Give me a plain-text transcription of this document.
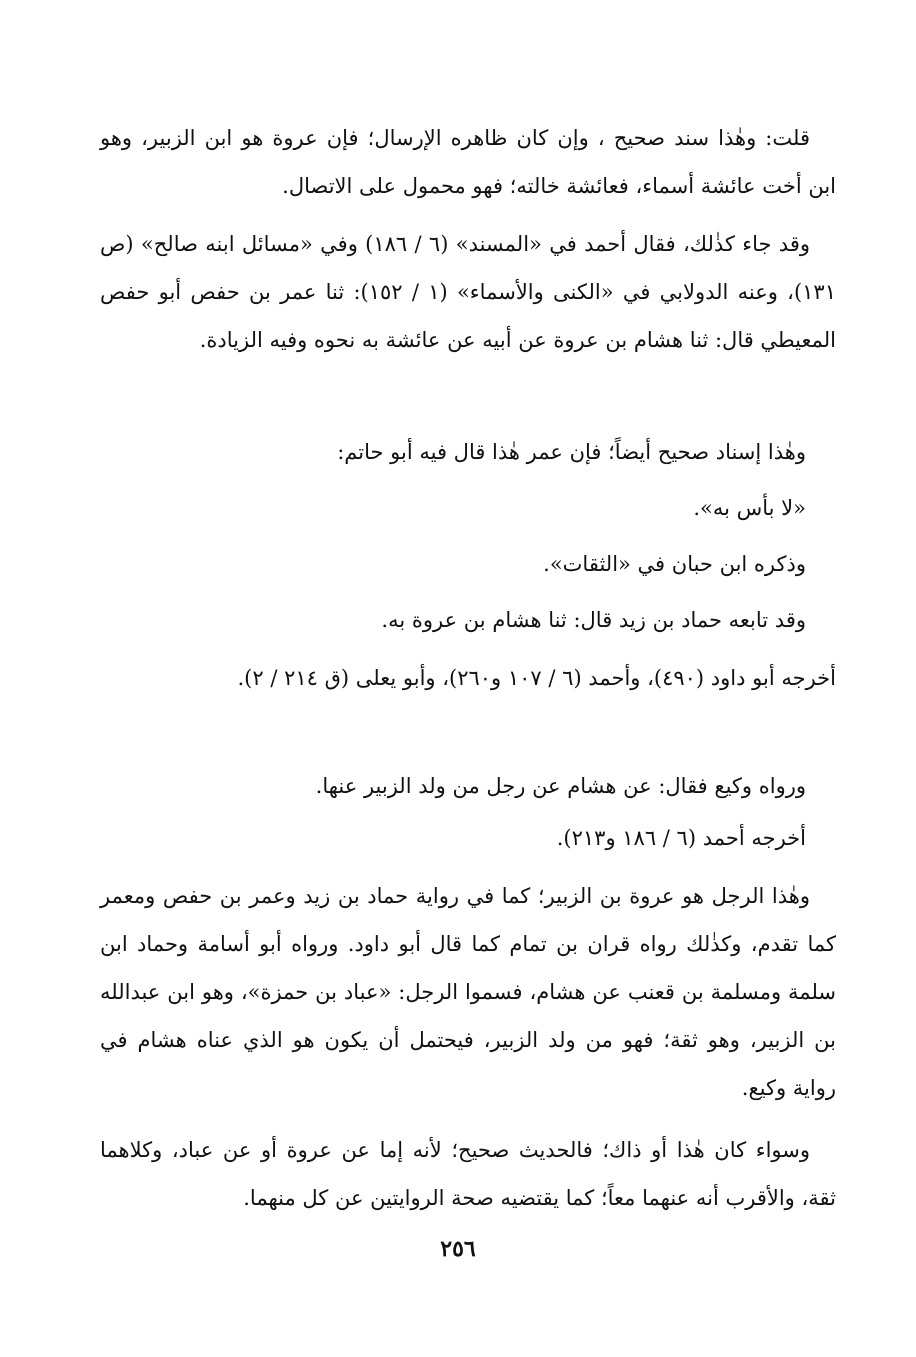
قلت: وهٰذا سند صحيح ، وإن كان ظاهره الإرسال؛ فإن عروة هو ابن الزبير، وهو ابن أخت عائشة أسماء، فعائشة خالته؛ فهو محمول على الاتصال.

وقد جاء كذٰلك، فقال أحمد في «المسند» (٦ / ١٨٦) وفي «مسائل ابنه صالح» (ص ١٣١)، وعنه الدولابي في «الكنى والأسماء» (١ / ١٥٢): ثنا عمر بن حفص أبو حفص المعيطي قال: ثنا هشام بن عروة عن أبيه عن عائشة به نحوه وفيه الزيادة.

وهٰذا إسناد صحيح أيضاً؛ فإن عمر هٰذا قال فيه أبو حاتم:

«لا بأس به».

وذكره ابن حبان في «الثقات».

وقد تابعه حماد بن زيد قال: ثنا هشام بن عروة به.

أخرجه أبو داود (٤٩٠)، وأحمد (٦ / ١٠٧ و٢٦٠)، وأبو يعلى (ق ٢١٤ / ٢).

ورواه وكيع فقال: عن هشام عن رجل من ولد الزبير عنها.

أخرجه أحمد (٦ / ١٨٦ و٢١٣).

وهٰذا الرجل هو عروة بن الزبير؛ كما في رواية حماد بن زيد وعمر بن حفص ومعمر كما تقدم، وكذٰلك رواه قران بن تمام كما قال أبو داود. ورواه أبو أسامة وحماد ابن سلمة ومسلمة بن قعنب عن هشام، فسموا الرجل: «عباد بن حمزة»، وهو ابن عبدالله بن الزبير، وهو ثقة؛ فهو من ولد الزبير، فيحتمل أن يكون هو الذي عناه هشام في رواية وكيع.

وسواء كان هٰذا أو ذاك؛ فالحديث صحيح؛ لأنه إما عن عروة أو عن عباد، وكلاهما ثقة، والأقرب أنه عنهما معاً؛ كما يقتضيه صحة الروايتين عن كل منهما.

٢٥٦
